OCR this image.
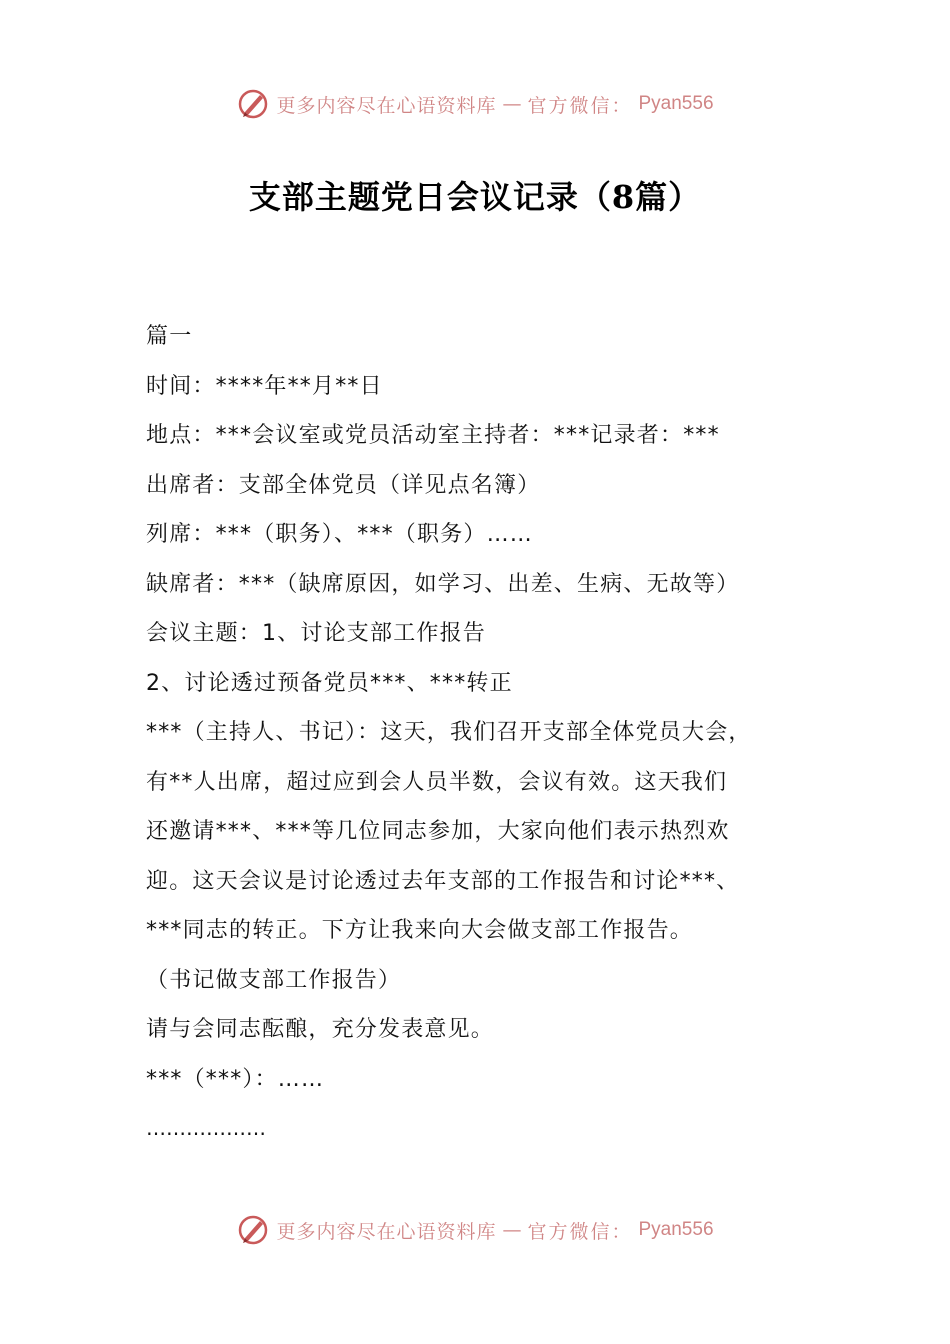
更多内容尽在心语资料库 — 官方微信： Pyan556
支部主题党日会议记录（8篇）
篇一
时间：****年**月**日
地点：***会议室或党员活动室主持者：***记录者：***
出席者：支部全体党员（详见点名簿）
列席：***（职务）、***（职务）……
缺席者：***（缺席原因，如学习、出差、生病、无故等）
会议主题：1、讨论支部工作报告
2、讨论透过预备党员***、***转正
***（主持人、书记）：这天，我们召开支部全体党员大会，
有**人出席，超过应到会人员半数，会议有效。这天我们
还邀请***、***等几位同志参加，大家向他们表示热烈欢
迎。这天会议是讨论透过去年支部的工作报告和讨论***、
***同志的转正。下方让我来向大会做支部工作报告。
（书记做支部工作报告）
请与会同志酝酿，充分发表意见。
***（***）：……
………………
更多内容尽在心语资料库 — 官方微信： Pyan556
